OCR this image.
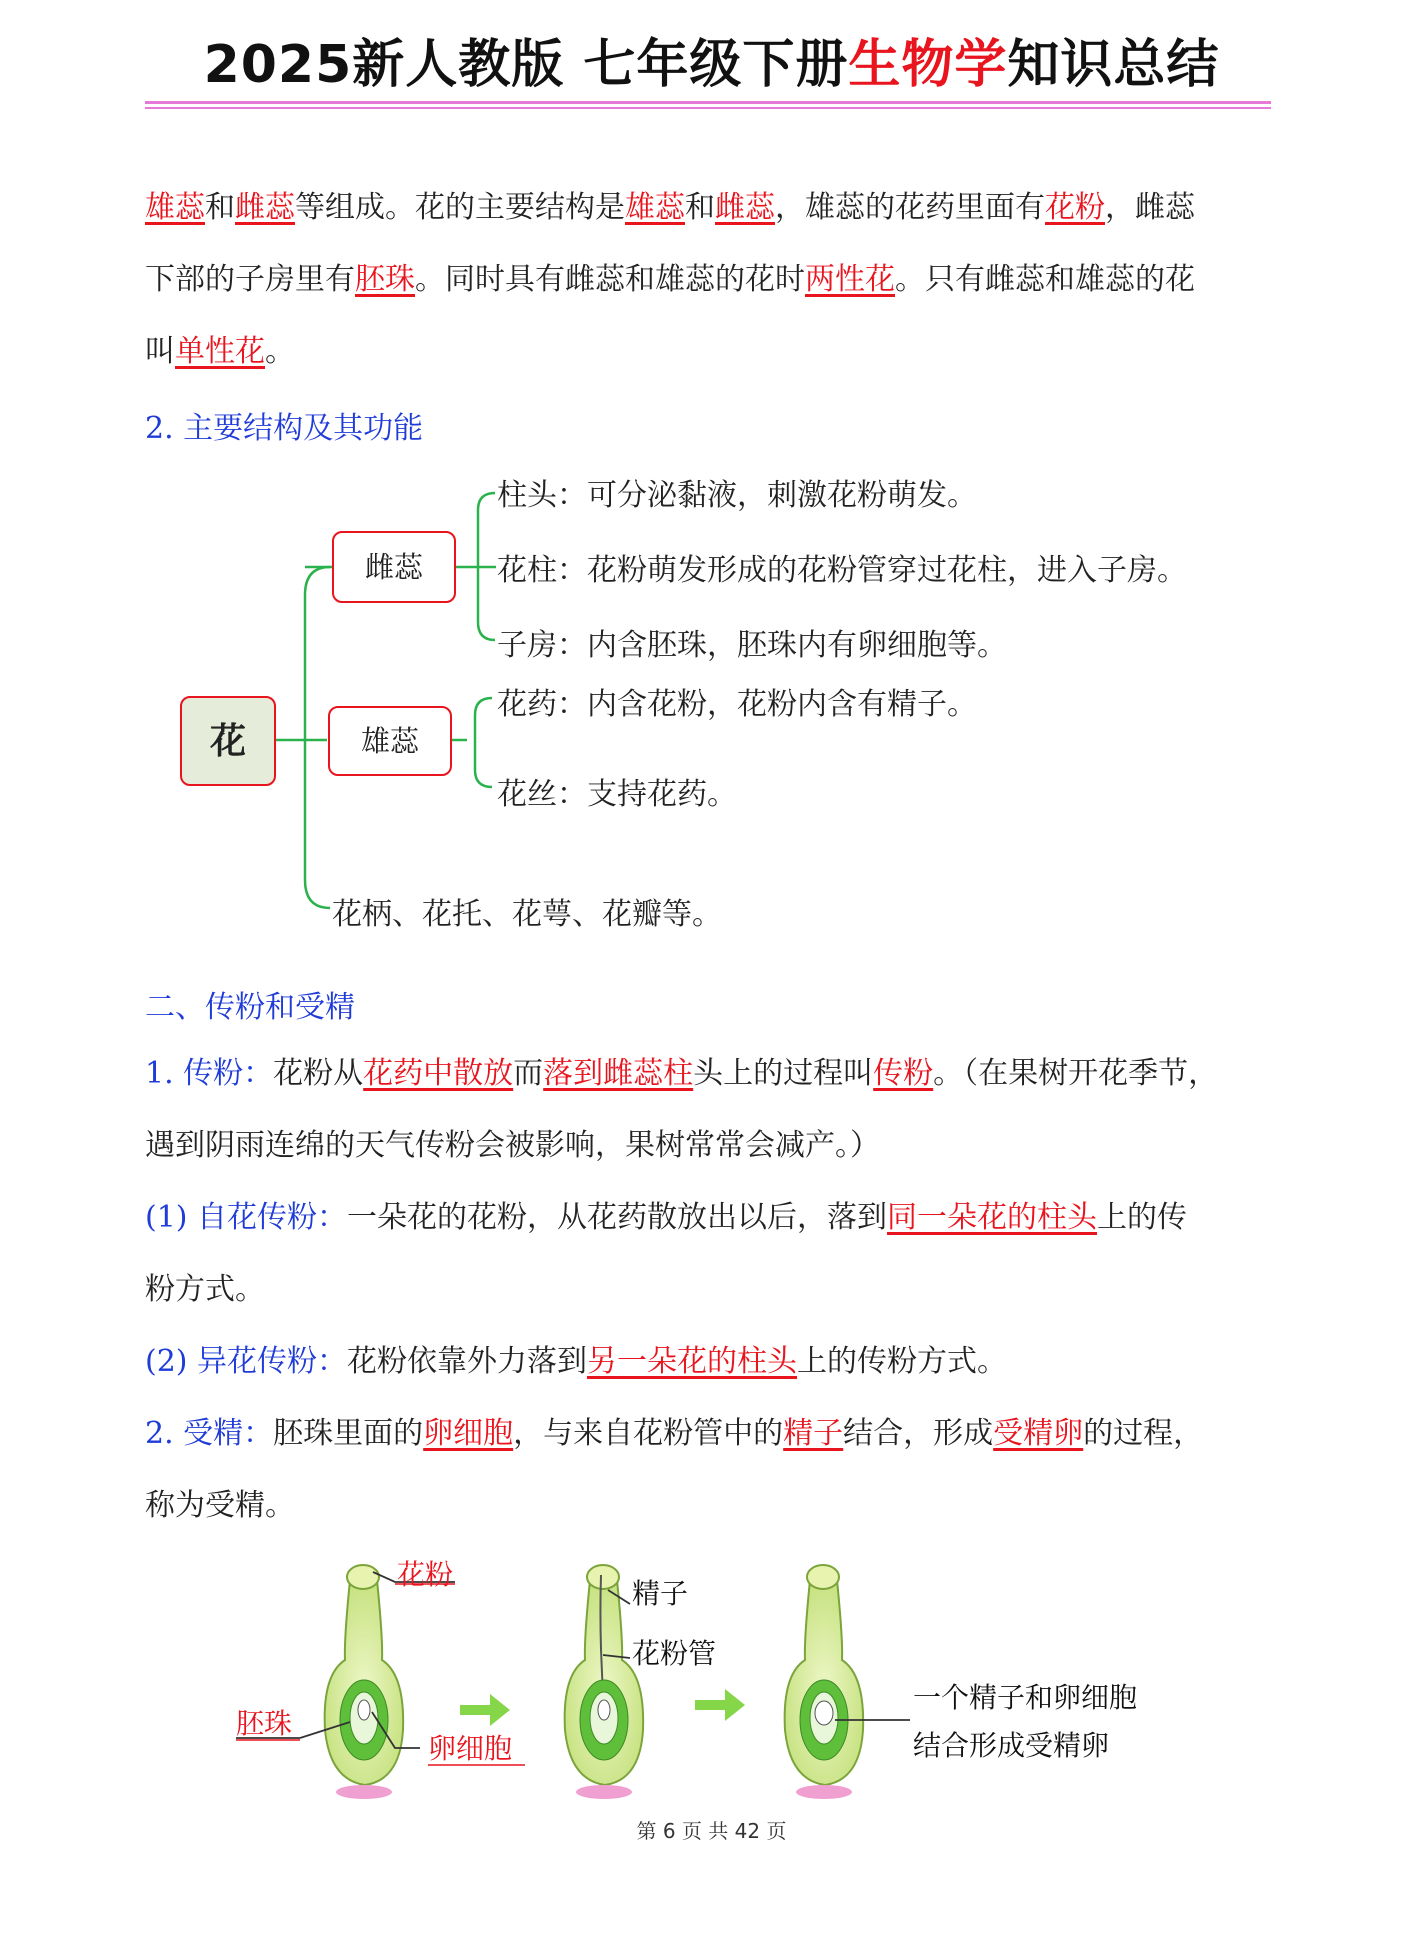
2025新人教版 七年级下册生物学知识总结

雄蕊和雌蕊等组成。花的主要结构是雄蕊和雌蕊，雄蕊的花药里面有花粉，雌蕊

下部的子房里有胚珠。同时具有雌蕊和雄蕊的花时两性花。只有雌蕊和雄蕊的花

叫单性花。

2. 主要结构及其功能
花
雌蕊
雄蕊
柱头：可分泌黏液，刺激花粉萌发。
花柱：花粉萌发形成的花粉管穿过花柱，进入子房。
子房：内含胚珠，胚珠内有卵细胞等。
花药：内含花粉，花粉内含有精子。
花丝：支持花药。
花柄、花托、花萼、花瓣等。
二、传粉和受精

1. 传粉：花粉从花药中散放而落到雌蕊柱头上的过程叫传粉。（在果树开花季节，

遇到阴雨连绵的天气传粉会被影响，果树常常会减产。）

(1) 自花传粉：一朵花的花粉，从花药散放出以后，落到同一朵花的柱头上的传

粉方式。

(2) 异花传粉：花粉依靠外力落到另一朵花的柱头上的传粉方式。

2. 受精：胚珠里面的卵细胞，与来自花粉管中的精子结合，形成受精卵的过程，

称为受精。

花粉
胚珠
卵细胞
精子
花粉管
一个精子和卵细胞
结合形成受精卵
第 6 页 共 42 页
